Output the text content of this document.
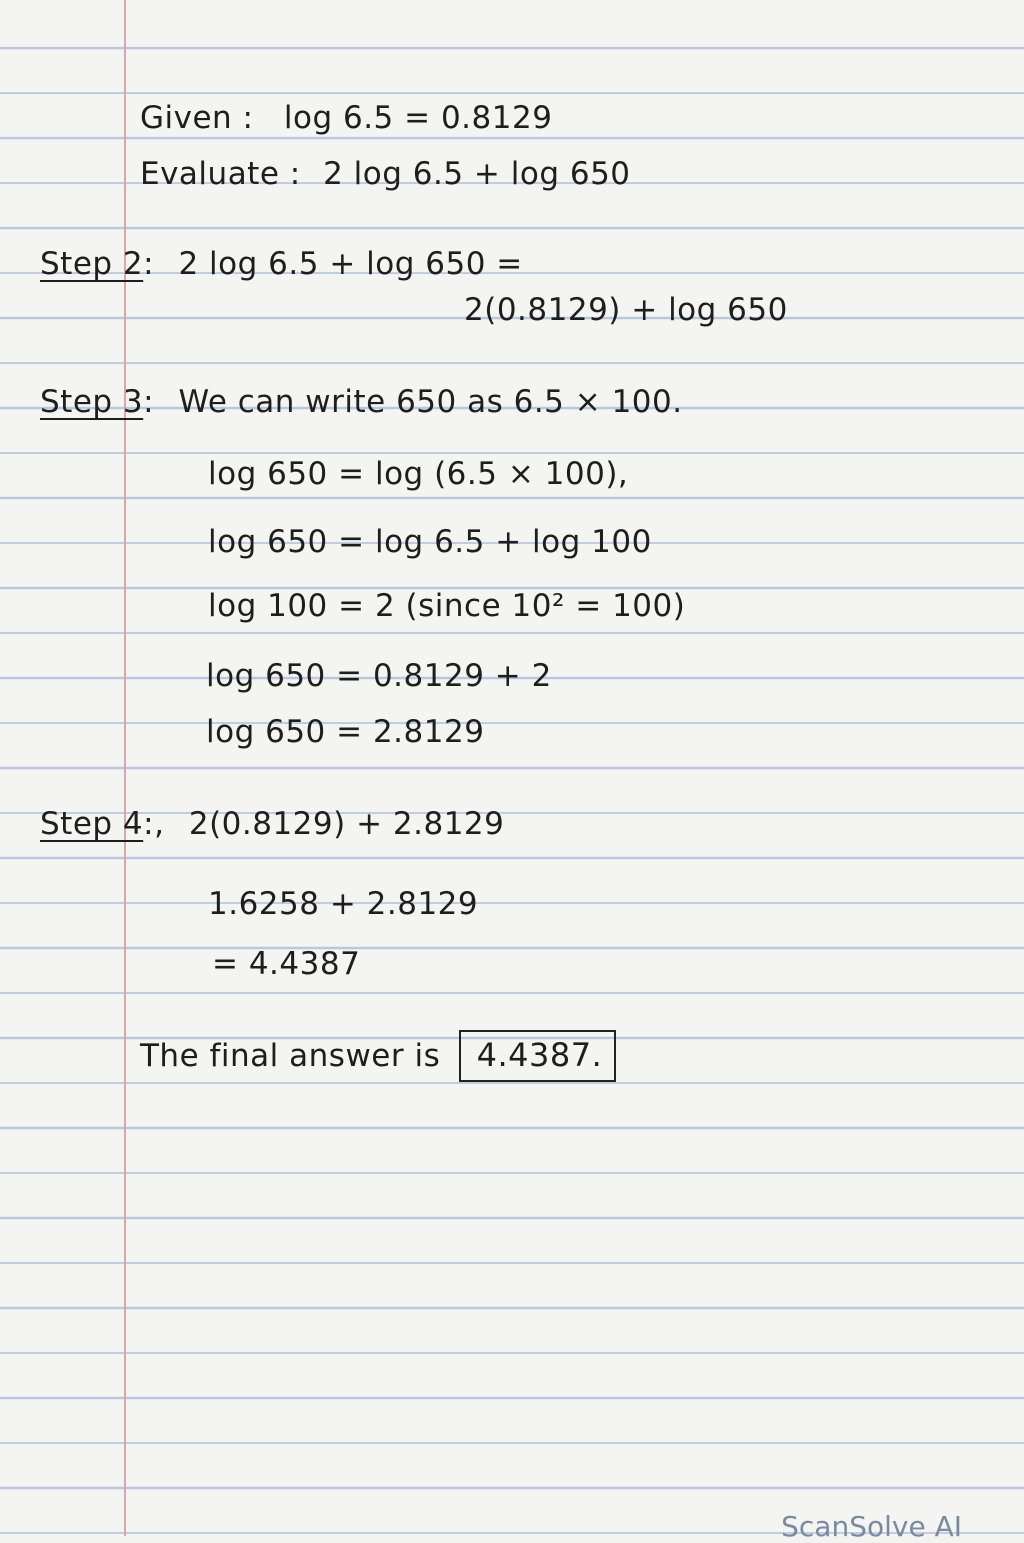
Given : log 6.5 = 0.8129
Evaluate : 2 log 6.5 + log 650
Step 2: 2 log 6.5 + log 650 =
2(0.8129) + log 650
Step 3: We can write 650 as 6.5 × 100.
log 650 = log (6.5 × 100),
log 650 = log 6.5 + log 100
log 100 = 2 (since 10² = 100)
log 650 = 0.8129 + 2
log 650 = 2.8129
Step 4:, 2(0.8129) + 2.8129
1.6258 + 2.8129
= 4.4387
The final answer is 4.4387.
ScanSolve AI
